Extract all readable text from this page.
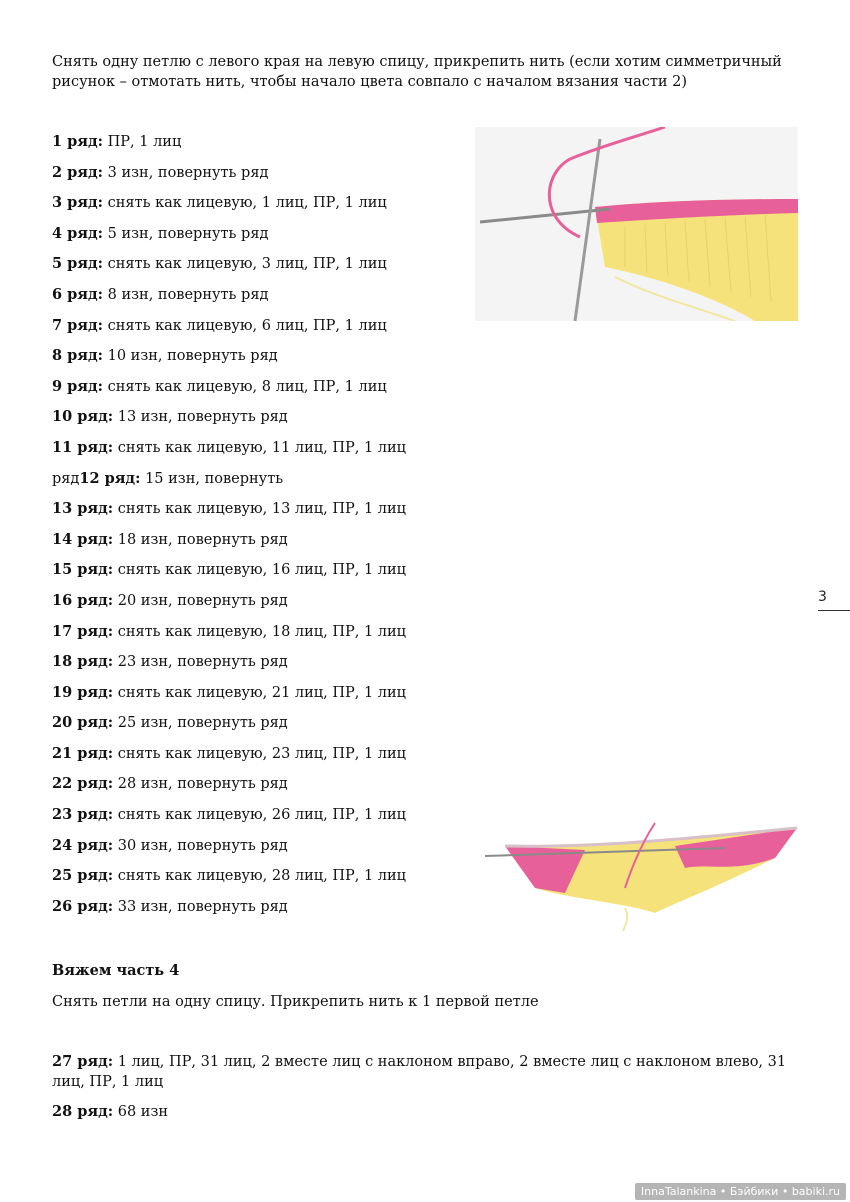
Снять одну петлю с левого края на левую спицу, прикрепить нить (если хотим симметричный рисунок – отмотать нить, чтобы начало цвета совпало с началом вязания части 2)
1 ряд: ПР, 1 лиц
2 ряд: 3 изн, повернуть ряд
3 ряд: снять как лицевую, 1 лиц, ПР, 1 лиц
4 ряд: 5 изн, повернуть ряд
5 ряд: снять как лицевую, 3 лиц, ПР, 1 лиц
6 ряд: 8 изн, повернуть ряд
7 ряд: снять как лицевую, 6 лиц, ПР, 1 лиц
8 ряд: 10 изн, повернуть ряд
9 ряд: снять как лицевую, 8 лиц, ПР, 1 лиц
10 ряд: 13 изн, повернуть ряд
11 ряд: снять как лицевую, 11 лиц, ПР, 1 лиц
ряд12 ряд: 15 изн, повернуть
13 ряд: снять как лицевую, 13 лиц, ПР, 1 лиц
14 ряд: 18 изн, повернуть ряд
15 ряд: снять как лицевую, 16 лиц, ПР, 1 лиц
16 ряд: 20 изн, повернуть ряд
17 ряд: снять как лицевую, 18 лиц, ПР, 1 лиц
18 ряд: 23 изн, повернуть ряд
19 ряд: снять как лицевую, 21 лиц, ПР, 1 лиц
20 ряд: 25 изн, повернуть ряд
21 ряд: снять как лицевую, 23 лиц, ПР, 1 лиц
22 ряд: 28 изн, повернуть ряд
23 ряд: снять как лицевую, 26 лиц, ПР, 1 лиц
24 ряд: 30 изн, повернуть ряд
25 ряд: снять как лицевую, 28 лиц, ПР, 1 лиц
26 ряд: 33 изн, повернуть ряд
3
Вяжем часть 4
Снять петли на одну спицу. Прикрепить нить к 1 первой петле
27 ряд: 1 лиц, ПР, 31 лиц, 2 вместе лиц с наклоном вправо, 2 вместе лиц с наклоном влево, 31 лиц, ПР, 1 лиц
28 ряд: 68 изн
InnaTalankina • Бэйбики • babiki.ru
